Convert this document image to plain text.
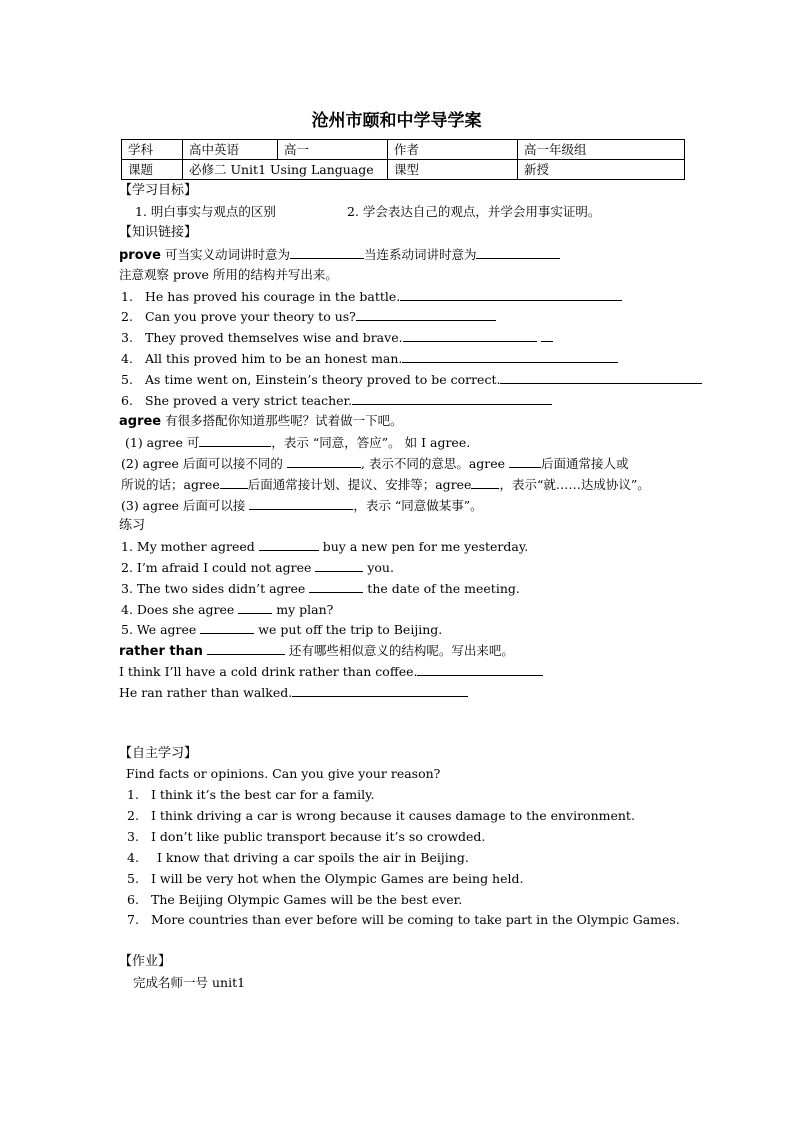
沧州市颐和中学导学案
学科	高中英语	高一	作者	高一年级组
课题	必修二 Unit1 Using Language		课型	新授
【学习目标】
1. 明白事实与观点的区别	2. 学会表达自己的观点，并学会用事实证明。
【知识链接】
prove 可当实义动词讲时意为	当连系动词讲时意为
注意观察 prove 所用的结构并写出来。
1. He has proved his courage in the battle.
2. Can you prove your theory to us?
3. They proved themselves wise and brave.
4. All this proved him to be an honest man.
5. As time went on, Einstein’s theory proved to be correct.
6. She proved a very strict teacher.
agree 有很多搭配你知道那些呢？试着做一下吧。
(1) agree 可	，表示 “同意，答应”。 如 I agree.
(2) agree 后面可以接不同的	, 表示不同的意思。agree	后面通常接人或
所说的话；agree 后面通常接计划、提议、安排等；agree ，表示“就……达成协议”。
(3) agree 后面可以接	，表示 “同意做某事”。
练习
1. My mother agreed	buy a new pen for me yesterday.
2. I’m afraid I could not agree	you.
3. The two sides didn’t agree	the date of the meeting.
4. Does she agree	my plan?
5. We agree	we put off the trip to Beijing.
rather than	还有哪些相似意义的结构呢。写出来吧。
I think I’ll have a cold drink rather than coffee.
He ran rather than walked.
【自主学习】
Find facts or opinions. Can you give your reason?
1. I think it’s the best car for a family.
2. I think driving a car is wrong because it causes damage to the environment.
3. I don’t like public transport because it’s so crowded.
4. I know that driving a car spoils the air in Beijing.
5. I will be very hot when the Olympic Games are being held.
6. The Beijing Olympic Games will be the best ever.
7. More countries than ever before will be coming to take part in the Olympic Games.
【作业】
完成名师一号 unit1
